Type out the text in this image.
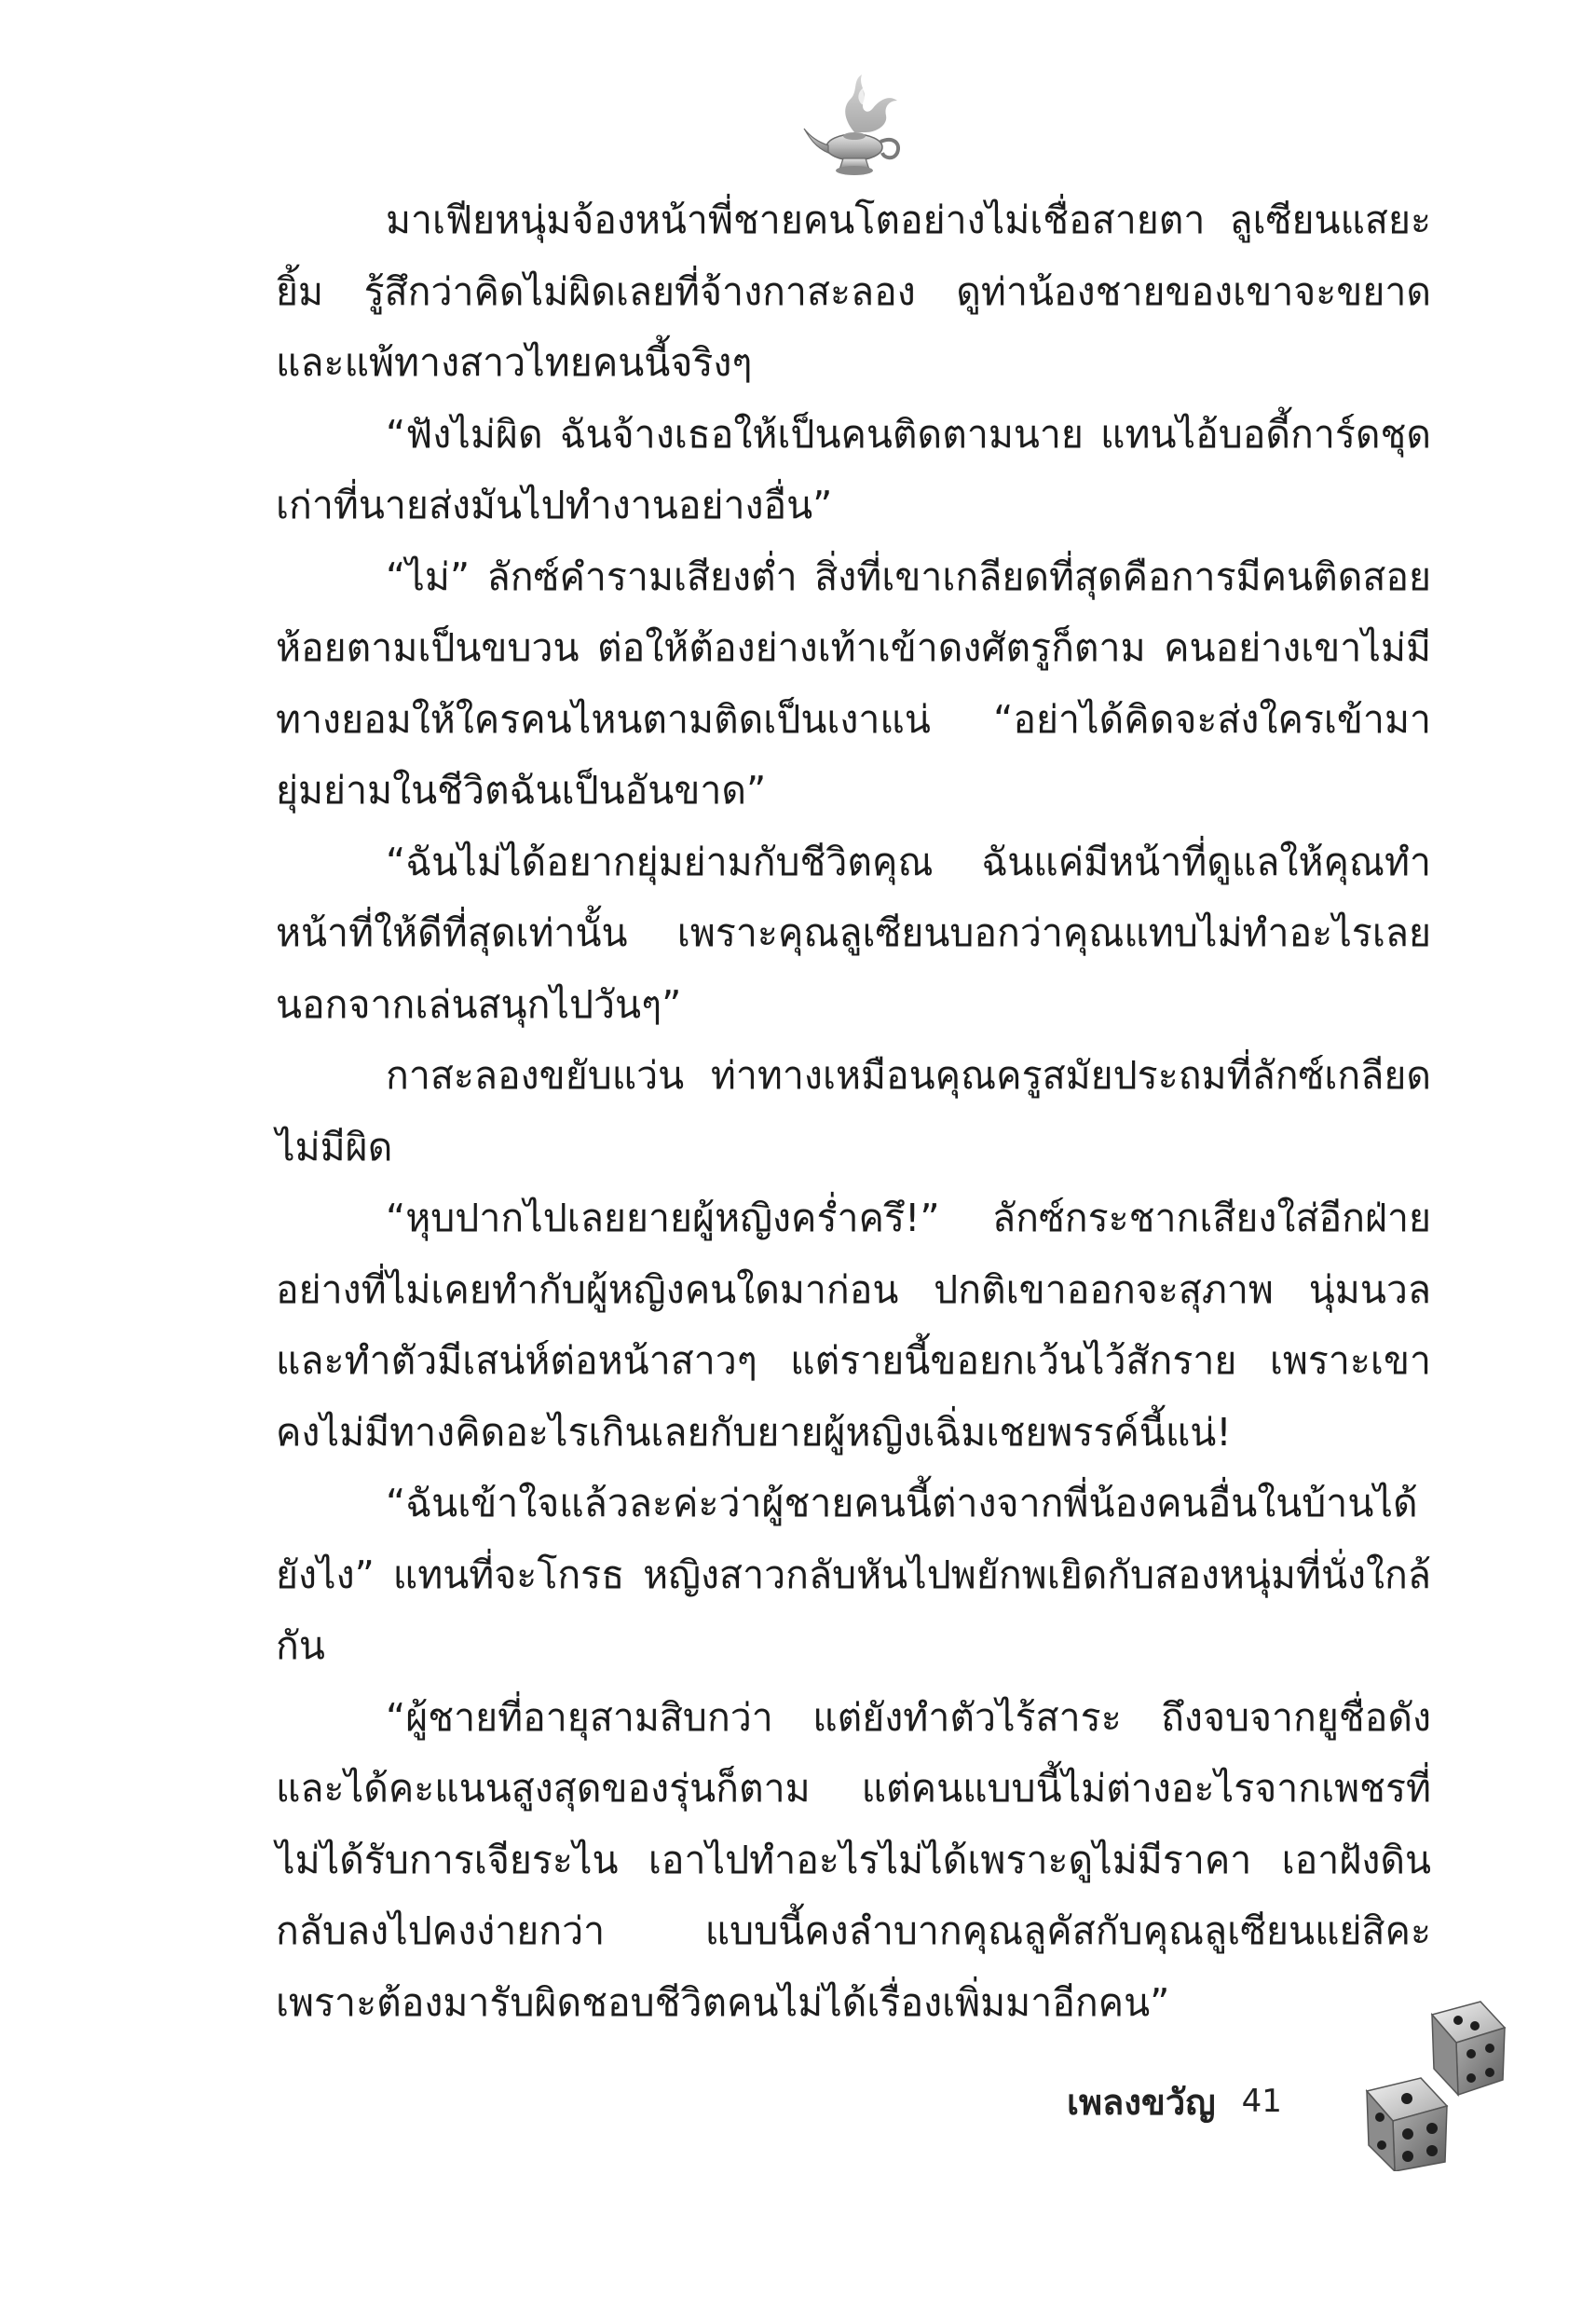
มาเฟียหนุ่มจ้องหน้าพี่ชายคนโตอย่างไม่เชื่อสายตา ลูเซียนแสยะยิ้ม รู้สึกว่าคิดไม่ผิดเลยที่จ้างกาสะลอง ดูท่าน้องชายของเขาจะขยาดและแพ้ทางสาวไทยคนนี้จริงๆ

“ฟังไม่ผิด ฉันจ้างเธอให้เป็นคนติดตามนาย แทนไอ้บอดี้การ์ดชุดเก่าที่นายส่งมันไปทำงานอย่างอื่น”

“ไม่” ลักซ์คำรามเสียงต่ำ สิ่งที่เขาเกลียดที่สุดคือการมีคนติดสอยห้อยตามเป็นขบวน ต่อให้ต้องย่างเท้าเข้าดงศัตรูก็ตาม คนอย่างเขาไม่มีทางยอมให้ใครคนไหนตามติดเป็นเงาแน่ “อย่าได้คิดจะส่งใครเข้ามายุ่มย่ามในชีวิตฉันเป็นอันขาด”

“ฉันไม่ได้อยากยุ่มย่ามกับชีวิตคุณ ฉันแค่มีหน้าที่ดูแลให้คุณทำหน้าที่ให้ดีที่สุดเท่านั้น เพราะคุณลูเซียนบอกว่าคุณแทบไม่ทำอะไรเลยนอกจากเล่นสนุกไปวันๆ”

กาสะลองขยับแว่น ท่าทางเหมือนคุณครูสมัยประถมที่ลักซ์เกลียดไม่มีผิด

“หุบปากไปเลยยายผู้หญิงคร่ำครึ!” ลักซ์กระชากเสียงใส่อีกฝ่ายอย่างที่ไม่เคยทำกับผู้หญิงคนใดมาก่อน ปกติเขาออกจะสุภาพ นุ่มนวลและทำตัวมีเสน่ห์ต่อหน้าสาวๆ แต่รายนี้ขอยกเว้นไว้สักราย เพราะเขาคงไม่มีทางคิดอะไรเกินเลยกับยายผู้หญิงเฉิ่มเชยพรรค์นี้แน่!

“ฉันเข้าใจแล้วละค่ะว่าผู้ชายคนนี้ต่างจากพี่น้องคนอื่นในบ้านได้ยังไง” แทนที่จะโกรธ หญิงสาวกลับหันไปพยักพเยิดกับสองหนุ่มที่นั่งใกล้กัน

“ผู้ชายที่อายุสามสิบกว่า แต่ยังทำตัวไร้สาระ ถึงจบจากยูชื่อดังและได้คะแนนสูงสุดของรุ่นก็ตาม แต่คนแบบนี้ไม่ต่างอะไรจากเพชรที่ไม่ได้รับการเจียระไน เอาไปทำอะไรไม่ได้เพราะดูไม่มีราคา เอาฝังดินกลับลงไปคงง่ายกว่า แบบนี้คงลำบากคุณลูคัสกับคุณลูเซียนแย่สิคะ เพราะต้องมารับผิดชอบชีวิตคนไม่ได้เรื่องเพิ่มมาอีกคน”

เพลงขวัญ 41
